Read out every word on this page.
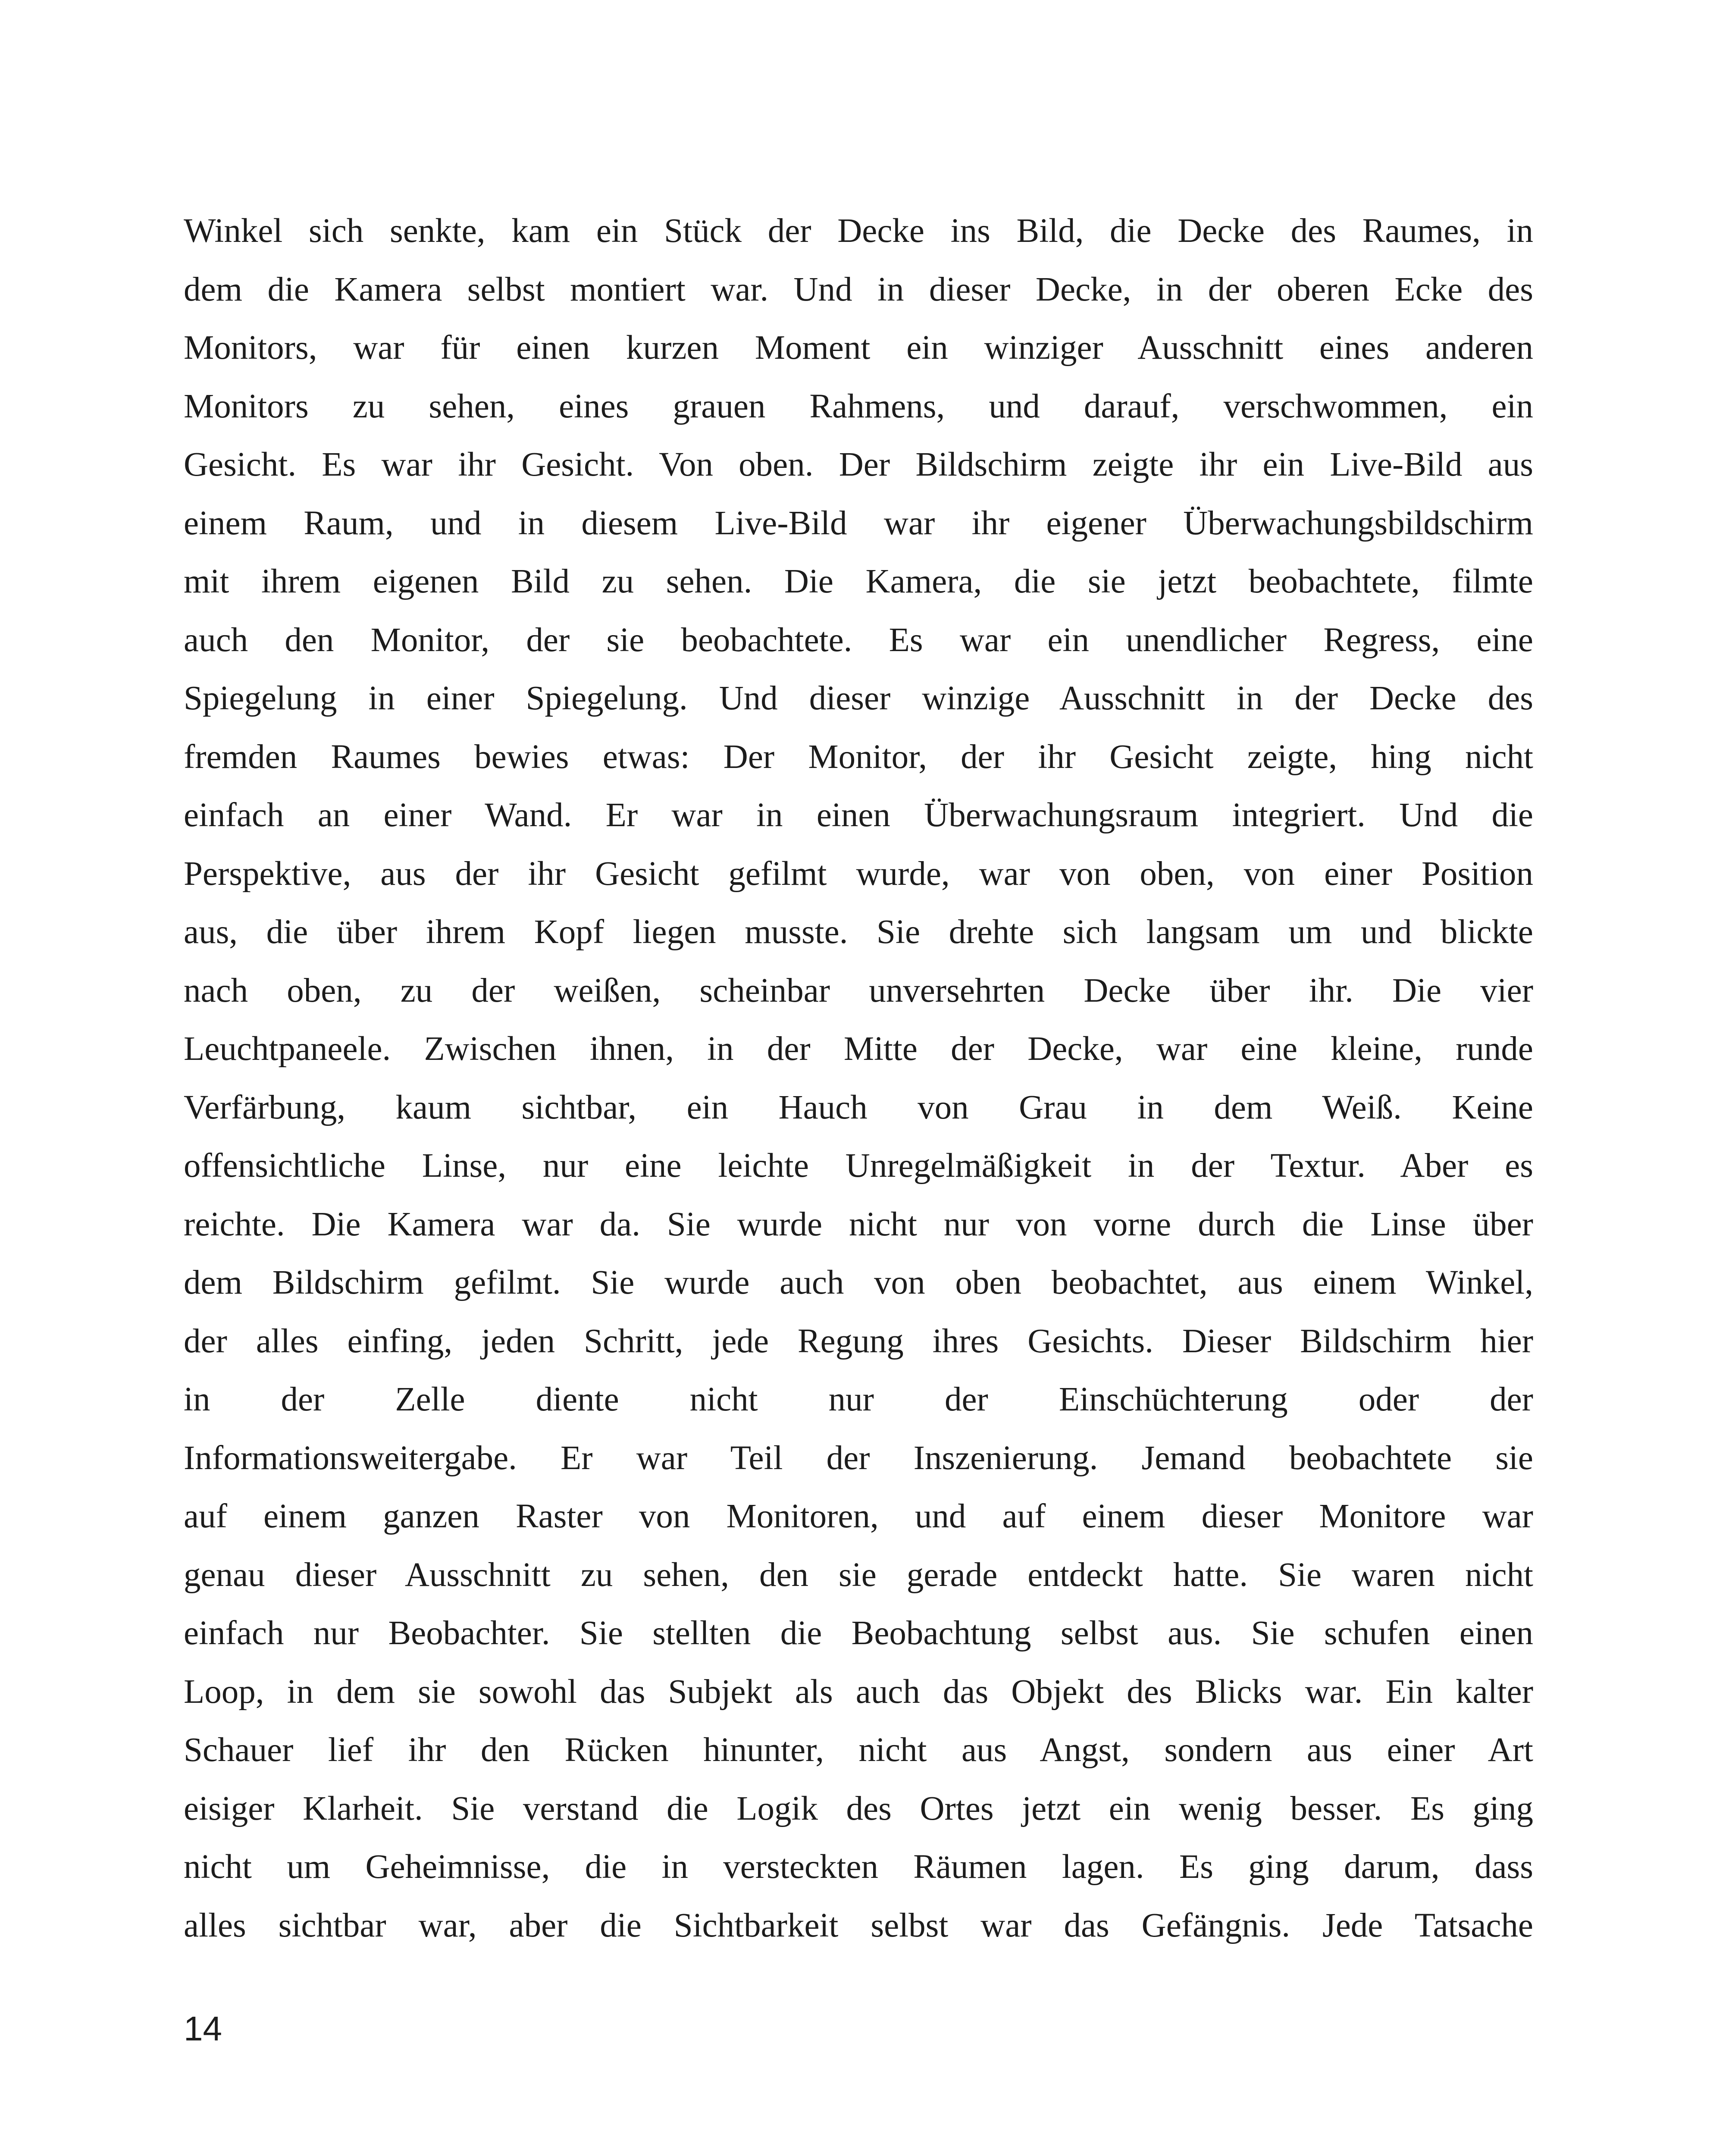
Winkel sich senkte, kam ein Stück der Decke ins Bild, die Decke des Raumes, in
dem die Kamera selbst montiert war. Und in dieser Decke, in der oberen Ecke des
Monitors, war für einen kurzen Moment ein winziger Ausschnitt eines anderen
Monitors zu sehen, eines grauen Rahmens, und darauf, verschwommen, ein
Gesicht. Es war ihr Gesicht. Von oben. Der Bildschirm zeigte ihr ein Live-Bild aus
einem Raum, und in diesem Live-Bild war ihr eigener Überwachungsbildschirm
mit ihrem eigenen Bild zu sehen. Die Kamera, die sie jetzt beobachtete, filmte
auch den Monitor, der sie beobachtete. Es war ein unendlicher Regress, eine
Spiegelung in einer Spiegelung. Und dieser winzige Ausschnitt in der Decke des
fremden Raumes bewies etwas: Der Monitor, der ihr Gesicht zeigte, hing nicht
einfach an einer Wand. Er war in einen Überwachungsraum integriert. Und die
Perspektive, aus der ihr Gesicht gefilmt wurde, war von oben, von einer Position
aus, die über ihrem Kopf liegen musste. Sie drehte sich langsam um und blickte
nach oben, zu der weißen, scheinbar unversehrten Decke über ihr. Die vier
Leuchtpaneele. Zwischen ihnen, in der Mitte der Decke, war eine kleine, runde
Verfärbung, kaum sichtbar, ein Hauch von Grau in dem Weiß. Keine
offensichtliche Linse, nur eine leichte Unregelmäßigkeit in der Textur. Aber es
reichte. Die Kamera war da. Sie wurde nicht nur von vorne durch die Linse über
dem Bildschirm gefilmt. Sie wurde auch von oben beobachtet, aus einem Winkel,
der alles einfing, jeden Schritt, jede Regung ihres Gesichts. Dieser Bildschirm hier
in der Zelle diente nicht nur der Einschüchterung oder der
Informationsweitergabe. Er war Teil der Inszenierung. Jemand beobachtete sie
auf einem ganzen Raster von Monitoren, und auf einem dieser Monitore war
genau dieser Ausschnitt zu sehen, den sie gerade entdeckt hatte. Sie waren nicht
einfach nur Beobachter. Sie stellten die Beobachtung selbst aus. Sie schufen einen
Loop, in dem sie sowohl das Subjekt als auch das Objekt des Blicks war. Ein kalter
Schauer lief ihr den Rücken hinunter, nicht aus Angst, sondern aus einer Art
eisiger Klarheit. Sie verstand die Logik des Ortes jetzt ein wenig besser. Es ging
nicht um Geheimnisse, die in versteckten Räumen lagen. Es ging darum, dass
alles sichtbar war, aber die Sichtbarkeit selbst war das Gefängnis. Jede Tatsache
14
